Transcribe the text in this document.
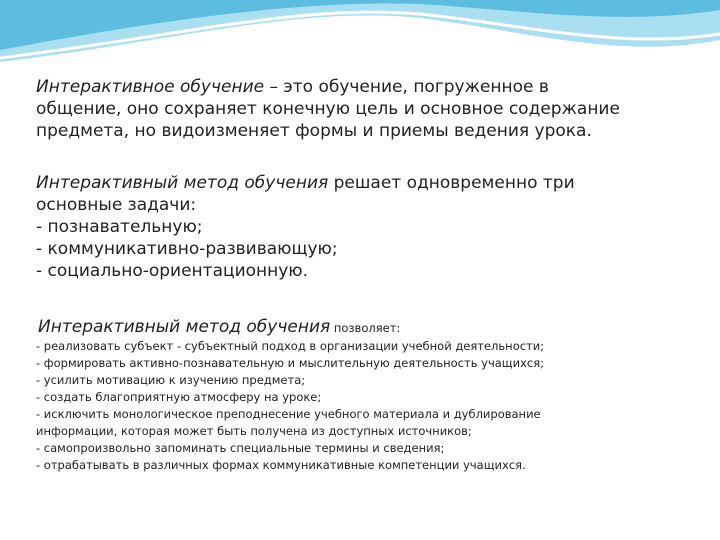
Интерактивное обучение – это обучение, погруженное в общение, оно сохраняет конечную цель и основное содержание предмета, но видоизменяет формы и приемы ведения урока.

Интерактивный метод обучения решает одновременно три основные задачи:
- познавательную;
- коммуникативно-развивающую;
- социально-ориентационную.

Интерактивный метод обучения позволяет:

- реализовать субъект - субъектный подход в организации учебной деятельности;
- формировать активно-познавательную и мыслительную деятельность учащихся;
- усилить мотивацию к изучению предмета;
- создать благоприятную атмосферу на уроке;
- исключить монологическое преподнесение учебного материала и дублирование информации, которая может быть получена из доступных источников;
- самопроизвольно запоминать специальные термины и сведения;
- отрабатывать в различных формах коммуникативные компетенции учащихся.
